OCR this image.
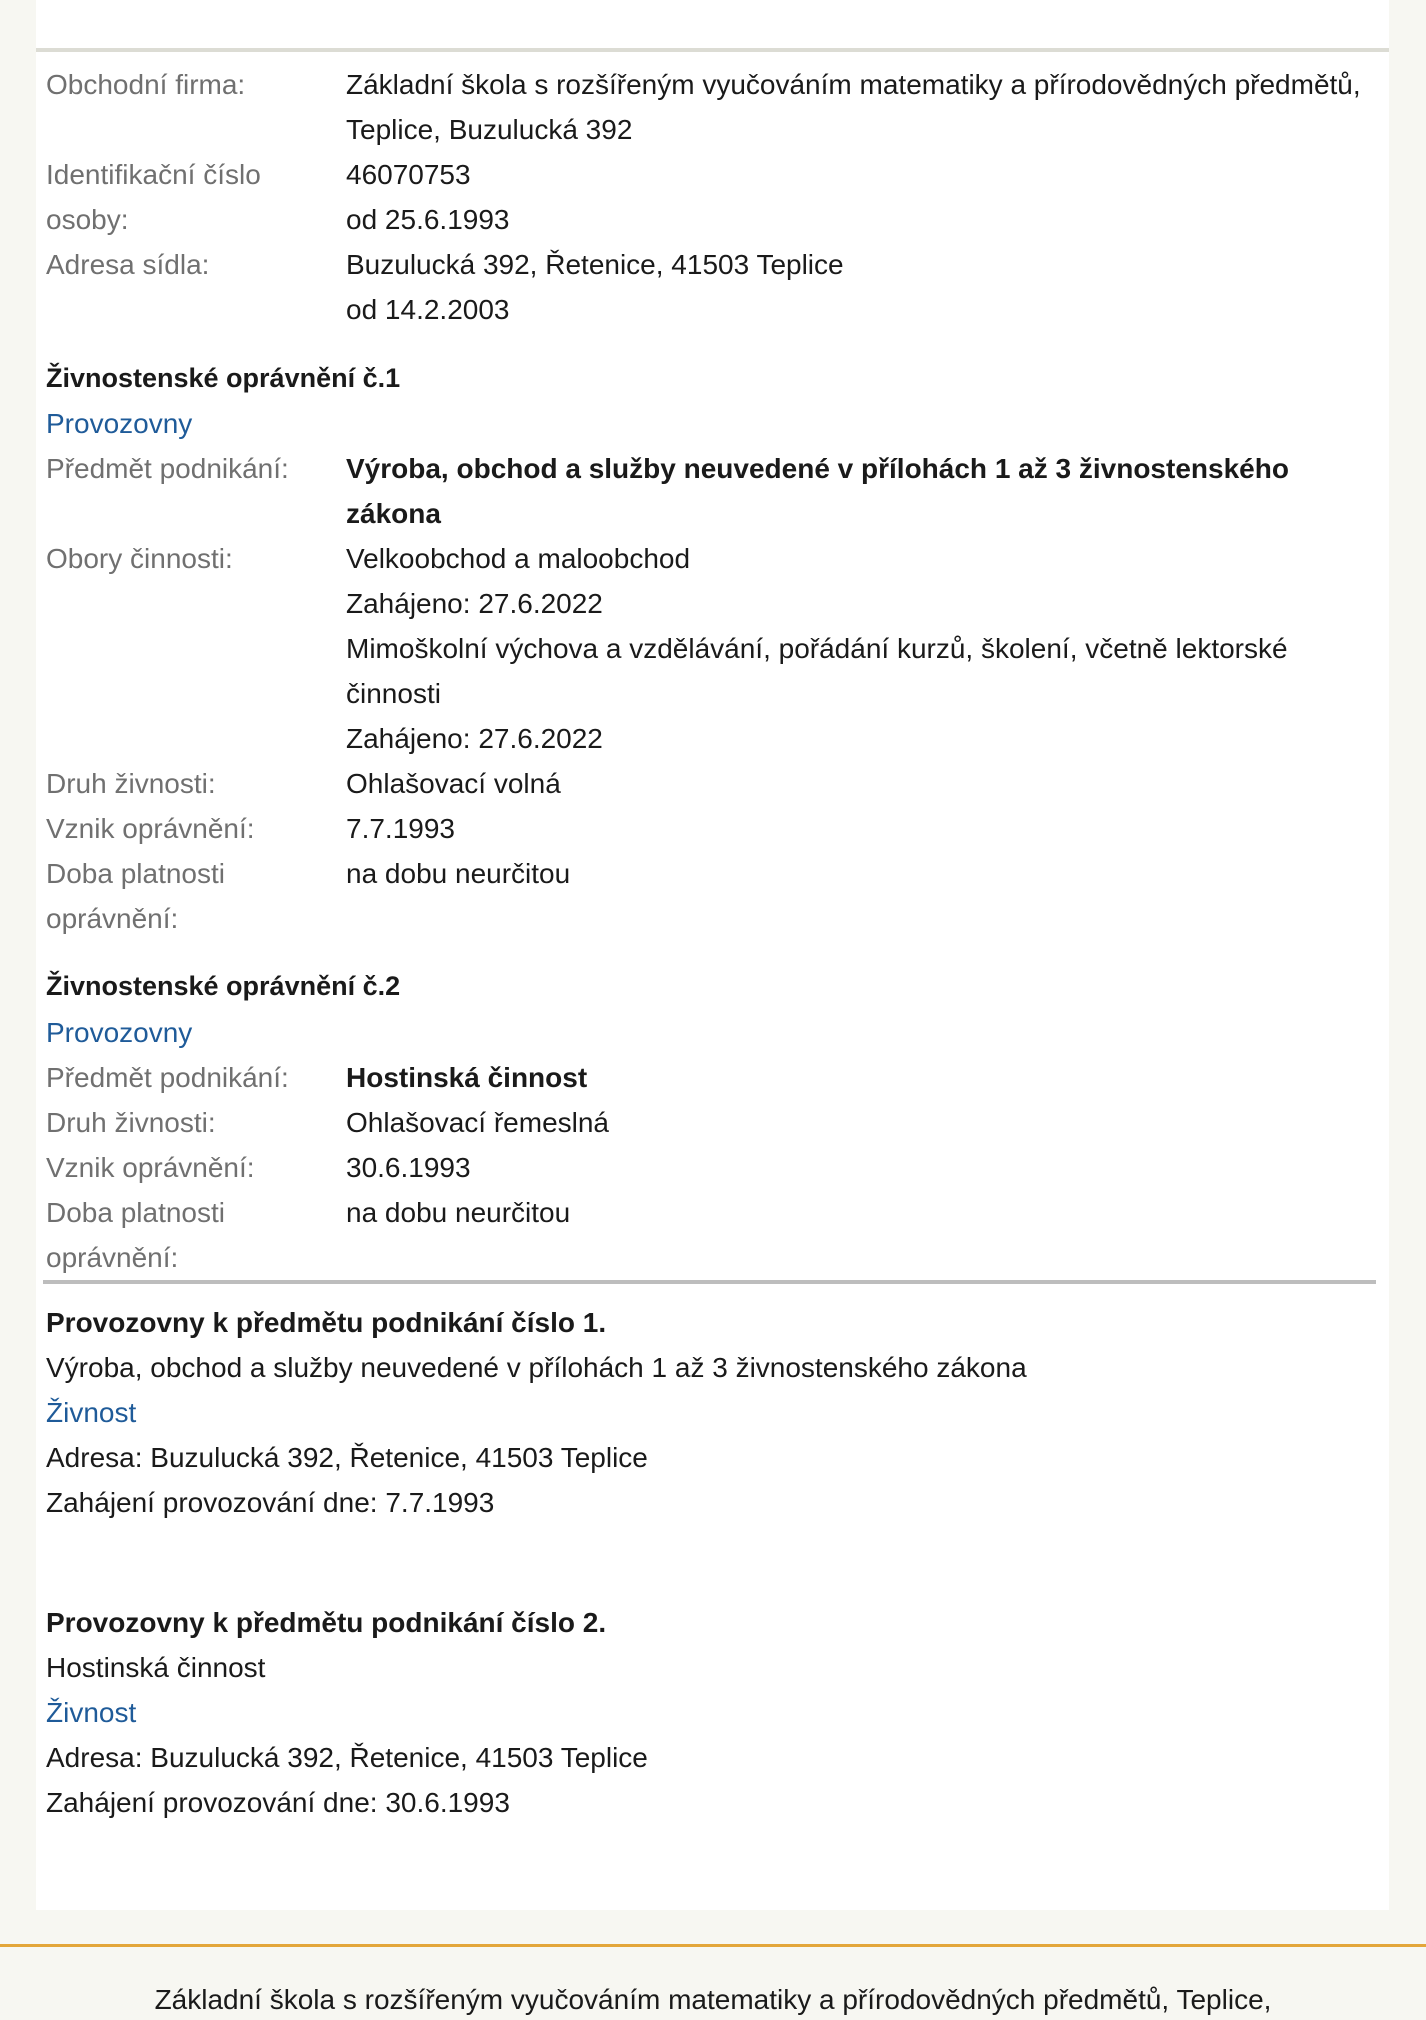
Obchodní firma:	Základní škola s rozšířeným vyučováním matematiky a přírodovědných předmětů, Teplice, Buzulucká 392
Identifikační číslo osoby:
46070753
od 25.6.1993
Adresa sídla:	Buzulucká 392, Řetenice, 41503 Teplice
od 14.2.2003
Živnostenské oprávnění č.1
Provozovny
Předmět podnikání:	Výroba, obchod a služby neuvedené v přílohách 1 až 3 živnostenského zákona
Obory činnosti:	Velkoobchod a maloobchod
Zahájeno: 27.6.2022
Mimoškolní výchova a vzdělávání, pořádání kurzů, školení, včetně lektorské činnosti
Zahájeno: 27.6.2022
Druh živnosti:	Ohlašovací volná
Vznik oprávnění:	7.7.1993
Doba platnosti oprávnění:
na dobu neurčitou
Živnostenské oprávnění č.2
Provozovny
Předmět podnikání:	Hostinská činnost
Druh živnosti:	Ohlašovací řemeslná
Vznik oprávnění:	30.6.1993
Doba platnosti oprávnění:
na dobu neurčitou
Provozovny k předmětu podnikání číslo 1.
Výroba, obchod a služby neuvedené v přílohách 1 až 3 živnostenského zákona
Živnost
Adresa: Buzulucká 392, Řetenice, 41503 Teplice
Zahájení provozování dne: 7.7.1993
Provozovny k předmětu podnikání číslo 2.
Hostinská činnost
Živnost
Adresa: Buzulucká 392, Řetenice, 41503 Teplice
Zahájení provozování dne: 30.6.1993
Základní škola s rozšířeným vyučováním matematiky a přírodovědných předmětů, Teplice,
